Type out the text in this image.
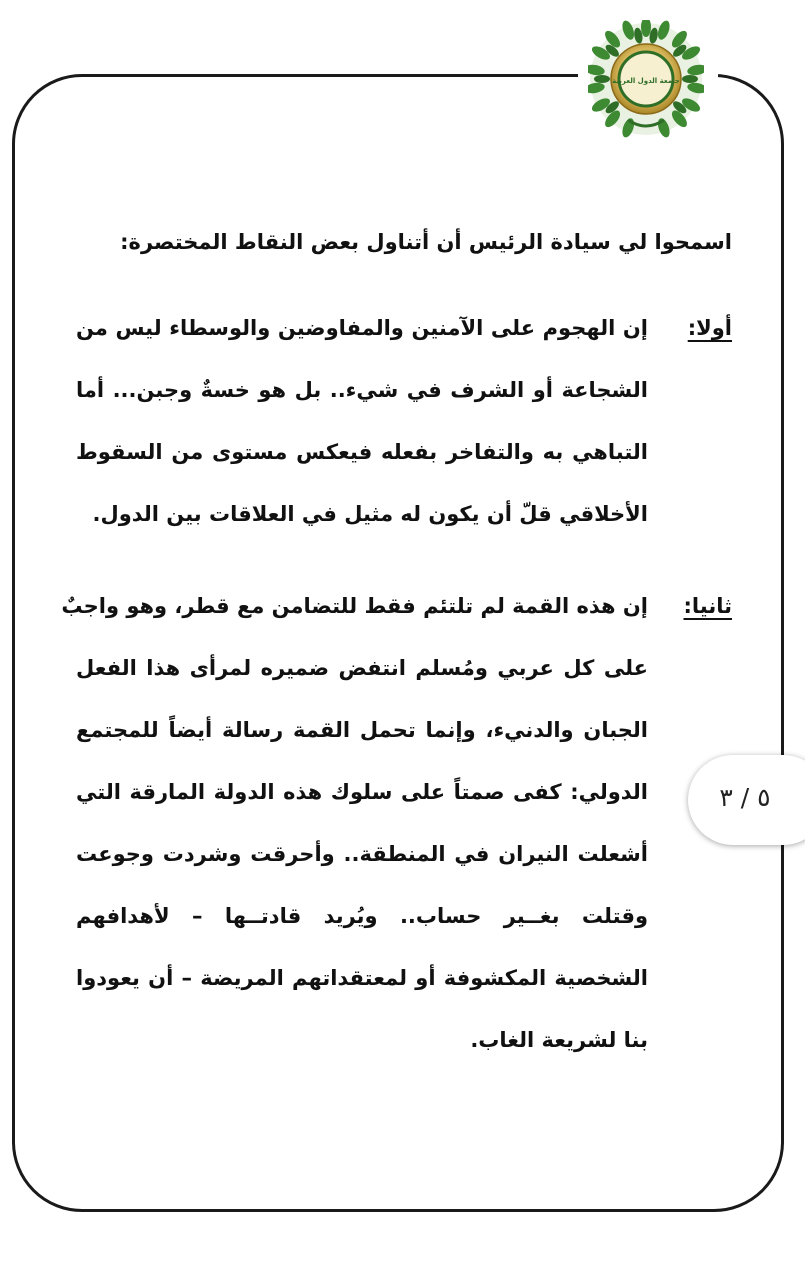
جامعة الدول العربية
اسمحوا لي سيادة الرئيس أن أتناول بعض النقاط المختصرة:
أولا:
إن الهجوم على الآمنين والمفاوضين والوسطاء ليس من
الشجاعة أو الشرف في شيء.. بل هو خسةٌ وجبن... أما
التباهي به والتفاخر بفعله فيعكس مستوى من السقوط
الأخلاقي قلّ أن يكون له مثيل في العلاقات بين الدول.
ثانيا:
إن هذه القمة لم تلتئم فقط للتضامن مع قطر، وهو واجبٌ
على كل عربي ومُسلم انتفض ضميره لمرأى هذا الفعل
الجبان والدنيء، وإنما تحمل القمة رسالة أيضاً للمجتمع
الدولي: كفى صمتاً على سلوك هذه الدولة المارقة التي
أشعلت النيران في المنطقة.. وأحرقت وشردت وجوعت
وقتلت بغــير حساب.. ويُريد قادتــها – لأهدافهم
الشخصية المكشوفة أو لمعتقداتهم المريضة – أن يعودوا
بنا لشريعة الغاب.
٥ / ٣
